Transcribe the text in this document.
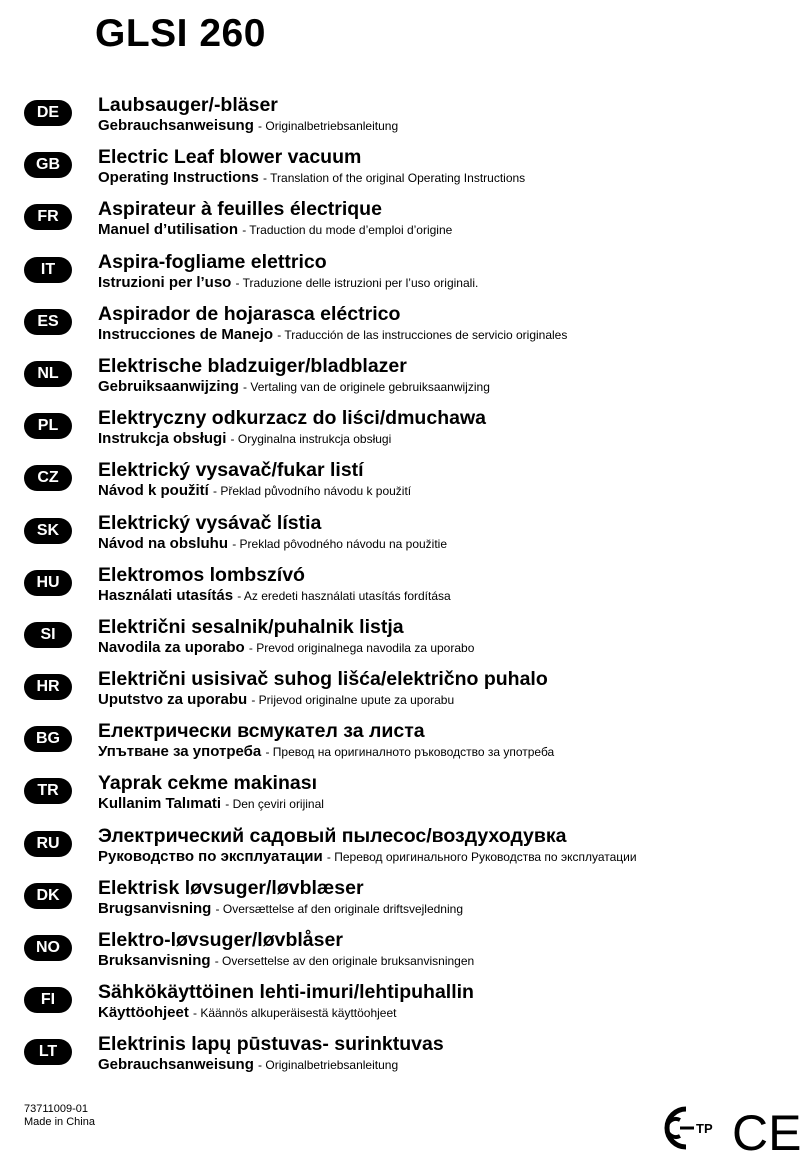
GLSI 260
DE	Laubsauger/-bläser
Gebrauchsanweisung - Originalbetriebsanleitung
GB	Electric Leaf blower vacuum
Operating Instructions - Translation of the original Operating Instructions
FR	Aspirateur à feuilles électrique
Manuel d’utilisation - Traduction du mode d’emploi d’origine
IT	Aspira-fogliame elettrico
Istruzioni per l’uso - Traduzione delle istruzioni per l’uso originali.
ES	Aspirador de hojarasca eléctrico
Instrucciones de Manejo - Traducción de las instrucciones de servicio originales
NL	Elektrische bladzuiger/bladblazer
Gebruiksaanwijzing - Vertaling van de originele gebruiksaanwijzing
PL	Elektryczny odkurzacz do liści/dmuchawa
Instrukcja obsługi - Oryginalna instrukcja obsługi
CZ	Elektrický vysavač/fukar listí
Návod k použití - Překlad původního návodu k použití
SK	Elektrický vysávač lístia
Návod na obsluhu - Preklad pôvodného návodu na použitie
HU	Elektromos lombszívó
Használati utasítás - Az eredeti használati utasítás fordítása
SI	Električni sesalnik/puhalnik listja
Navodila za uporabo - Prevod originalnega navodila za uporabo
HR	Električni usisivač suhog lišća/električno puhalo
Uputstvo za uporabu - Prijevod originalne upute za uporabu
BG	Електрически всмукател за листа
Упътване за употреба - Превод на оригиналното ръководство за употреба
TR	Yaprak cekme makinası
Kullanim Talımati - Den çeviri orijinal
RU	Электрический садовый пылесос/воздуходувка
Руководство по эксплуатации - Перевод оригинального Руководства по эксплуатации
DK	Elektrisk løvsuger/løvblæser
Brugsanvisning - Oversættelse af den originale driftsvejledning
NO	Elektro-løvsuger/løvblåser
Bruksanvisning - Oversettelse av den originale bruksanvisningen
FI	Sähkökäyttöinen lehti-imuri/lehtipuhallin
Käyttöohjeet - Käännös alkuperäisestä käyttöohjeet
LT	Elektrinis lapų pūstuvas- surinktuvas
Gebrauchsanweisung - Originalbetriebsanleitung
73711009-01
Made in China	ТР CE
